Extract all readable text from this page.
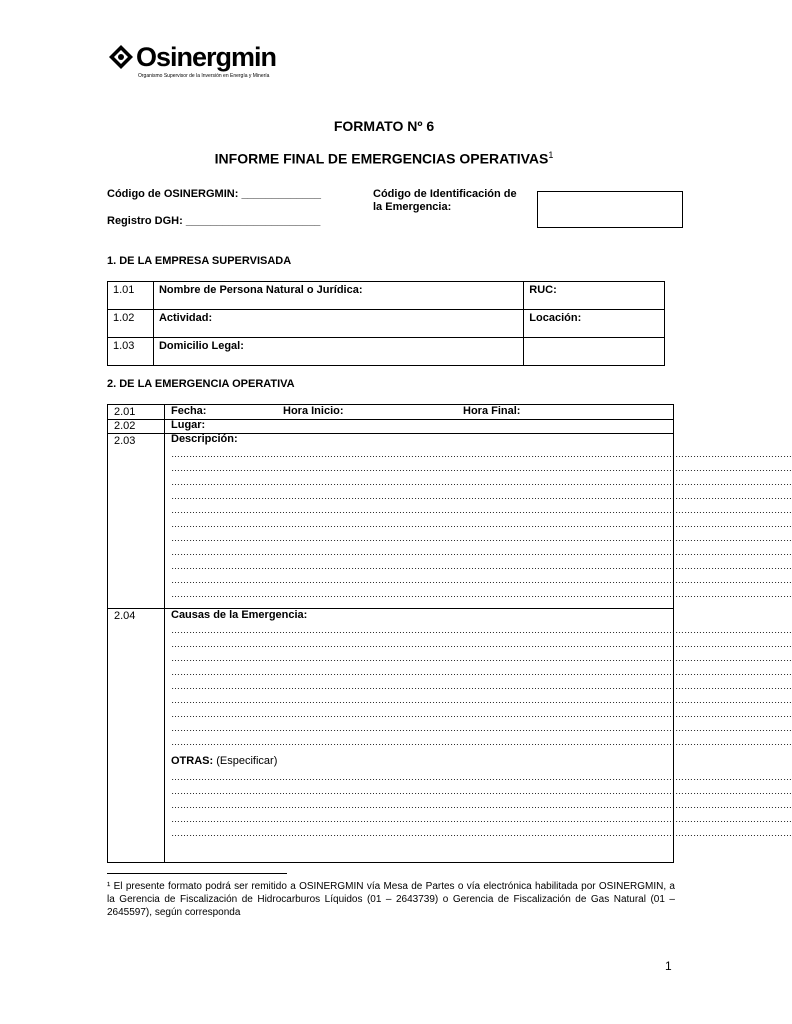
Osinergmin
Organismo Supervisor de la Inversión en Energía y Minería
FORMATO Nº 6
INFORME FINAL DE EMERGENCIAS OPERATIVAS$^1$
Código de OSINERGMIN: _____________
Registro DGH: ______________________
Código de Identificación de
la Emergencia:
1. DE LA EMPRESA SUPERVISADA
1.01	Nombre de Persona Natural o Jurídica:	RUC:
1.02	Actividad:	Locación:
1.03	Domicilio Legal:	
2. DE LA EMERGENCIA OPERATIVA
2.01	Fecha:	Hora Inicio:	Hora Final:
2.02	Lugar:
2.03	Descripción:
………………………………………………………………………………………………………………………………………………………………………………………
………………………………………………………………………………………………………………………………………………………………………………………
………………………………………………………………………………………………………………………………………………………………………………………
………………………………………………………………………………………………………………………………………………………………………………………
………………………………………………………………………………………………………………………………………………………………………………………
………………………………………………………………………………………………………………………………………………………………………………………
………………………………………………………………………………………………………………………………………………………………………………………
………………………………………………………………………………………………………………………………………………………………………………………
………………………………………………………………………………………………………………………………………………………………………………………
………………………………………………………………………………………………………………………………………………………………………………………
………………………………………………………………………………………………………………………………………………………………………………………
2.04	Causas de la Emergencia:
………………………………………………………………………………………………………………………………………………………………………………………
………………………………………………………………………………………………………………………………………………………………………………………
………………………………………………………………………………………………………………………………………………………………………………………
………………………………………………………………………………………………………………………………………………………………………………………
………………………………………………………………………………………………………………………………………………………………………………………
………………………………………………………………………………………………………………………………………………………………………………………
………………………………………………………………………………………………………………………………………………………………………………………
………………………………………………………………………………………………………………………………………………………………………………………
………………………………………………………………………………………………………………………………………………………………………………………
OTRAS: (Especificar)
………………………………………………………………………………………………………………………………………………………………………………………
………………………………………………………………………………………………………………………………………………………………………………………
………………………………………………………………………………………………………………………………………………………………………………………
………………………………………………………………………………………………………………………………………………………………………………………
………………………………………………………………………………………………………………………………………………………………………………………
¹ El presente formato podrá ser remitido a OSINERGMIN vía Mesa de Partes o vía electrónica habilitada por OSINERGMIN, a la Gerencia de Fiscalización de Hidrocarburos Líquidos (01 – 2643739) o Gerencia de Fiscalización de Gas Natural (01 – 2645597), según corresponda
1
